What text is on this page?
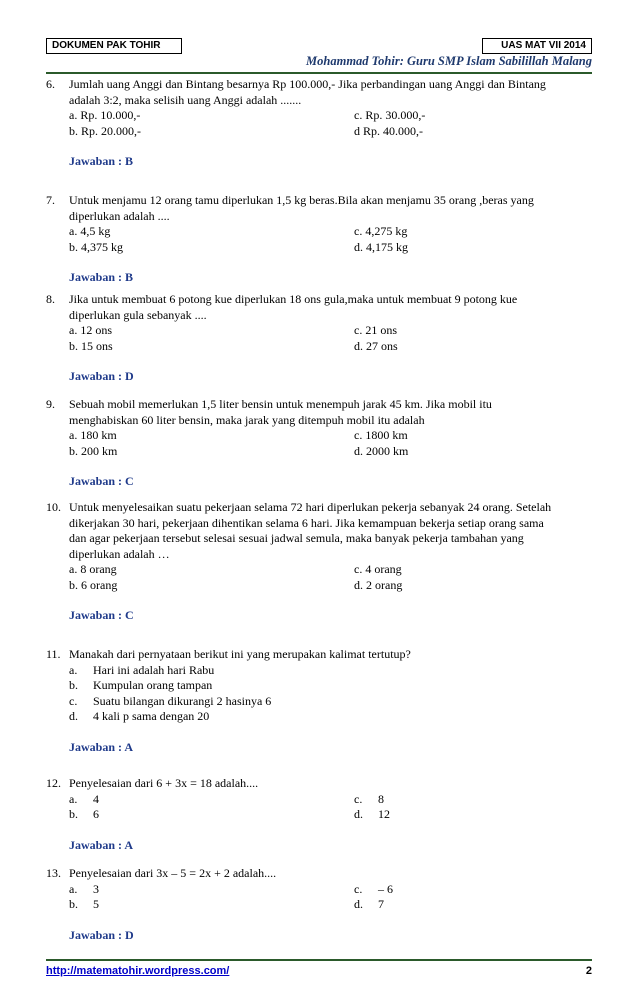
DOKUMEN PAK TOHIR	UAS MAT VII 2014
Mohammad Tohir: Guru SMP Islam Sabilillah Malang
6. Jumlah uang Anggi dan Bintang besarnya Rp 100.000,- Jika perbandingan uang Anggi dan Bintang
adalah 3:2, maka selisih uang Anggi adalah .......
a. Rp. 10.000,-	c. Rp. 30.000,-
b. Rp. 20.000,-	d Rp. 40.000,-
Jawaban : B
7. Untuk menjamu 12 orang tamu diperlukan 1,5 kg beras.Bila akan menjamu 35 orang ,beras yang
diperlukan adalah ....
a. 4,5 kg	c. 4,275 kg
b. 4,375 kg	d. 4,175 kg
Jawaban : B
8. Jika untuk membuat 6 potong kue diperlukan 18 ons gula,maka untuk membuat 9 potong kue
diperlukan gula sebanyak ....
a. 12 ons	c. 21 ons
b. 15 ons	d. 27 ons
Jawaban : D
9. Sebuah mobil memerlukan 1,5 liter bensin untuk menempuh jarak 45 km. Jika mobil itu
menghabiskan 60 liter bensin, maka jarak yang ditempuh mobil itu adalah
a. 180 km	c. 1800 km
b. 200 km	d. 2000 km
Jawaban : C
10. Untuk menyelesaikan suatu pekerjaan selama 72 hari diperlukan pekerja sebanyak 24 orang. Setelah
dikerjakan 30 hari, pekerjaan dihentikan selama 6 hari. Jika kemampuan bekerja setiap orang sama
dan agar pekerjaan tersebut selesai sesuai jadwal semula, maka banyak pekerja tambahan yang
diperlukan adalah …
a. 8 orang	c. 4 orang
b. 6 orang	d. 2 orang
Jawaban : C
11. Manakah dari pernyataan berikut ini yang merupakan kalimat tertutup?
a.	Hari ini adalah hari Rabu
b.	Kumpulan orang tampan
c.	Suatu bilangan dikurangi 2 hasinya 6
d.	4 kali p sama dengan 20
Jawaban : A
12. Penyelesaian dari 6 + 3x = 18 adalah....
a.	4	c.	8
b.	6	d.	12
Jawaban : A
13. Penyelesaian dari 3x – 5 = 2x + 2 adalah....
a.	3	c.	– 6
b.	5	d.	7
Jawaban : D
http://matematohir.wordpress.com/	2
